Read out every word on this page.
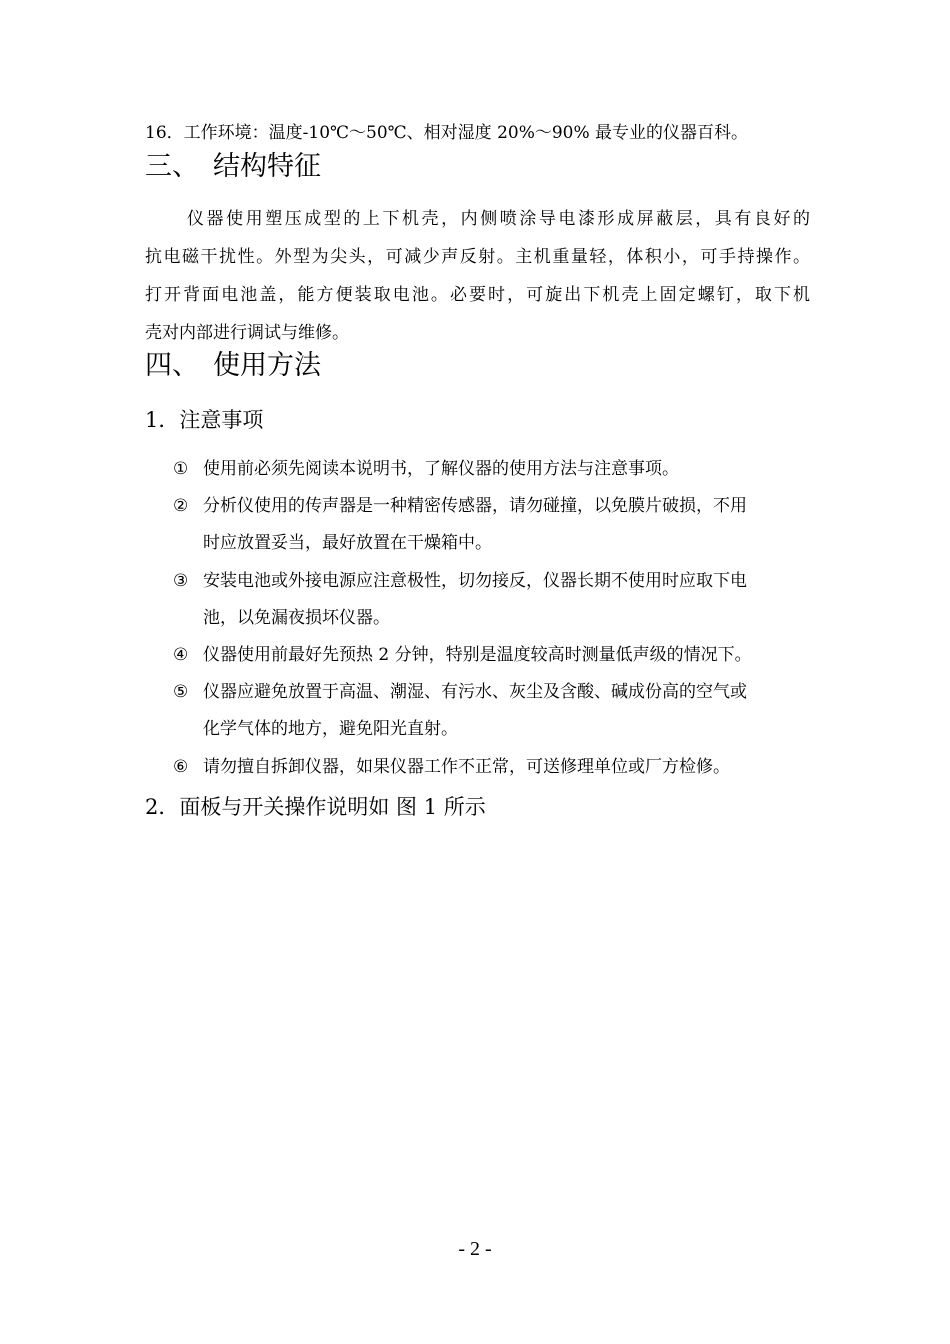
16．工作环境：温度-10℃～50℃、相对湿度 20%～90% 最专业的仪器百科。
三、 结构特征
仪器使用塑压成型的上下机壳，内侧喷涂导电漆形成屏蔽层，具有良好的
抗电磁干扰性。外型为尖头，可减少声反射。主机重量轻，体积小，可手持操作。
打开背面电池盖，能方便装取电池。必要时，可旋出下机壳上固定螺钉，取下机
壳对内部进行调试与维修。
四、 使用方法
1．注意事项
① 使用前必须先阅读本说明书，了解仪器的使用方法与注意事项。
② 分析仪使用的传声器是一种精密传感器，请勿碰撞，以免膜片破损，不用
时应放置妥当，最好放置在干燥箱中。
③ 安装电池或外接电源应注意极性，切勿接反，仪器长期不使用时应取下电
池，以免漏夜损坏仪器。
④ 仪器使用前最好先预热 2 分钟，特别是温度较高时测量低声级的情况下。
⑤ 仪器应避免放置于高温、潮湿、有污水、灰尘及含酸、碱成份高的空气或
化学气体的地方，避免阳光直射。
⑥ 请勿擅自拆卸仪器，如果仪器工作不正常，可送修理单位或厂方检修。
2．面板与开关操作说明如 图 1 所示
- 2 -
